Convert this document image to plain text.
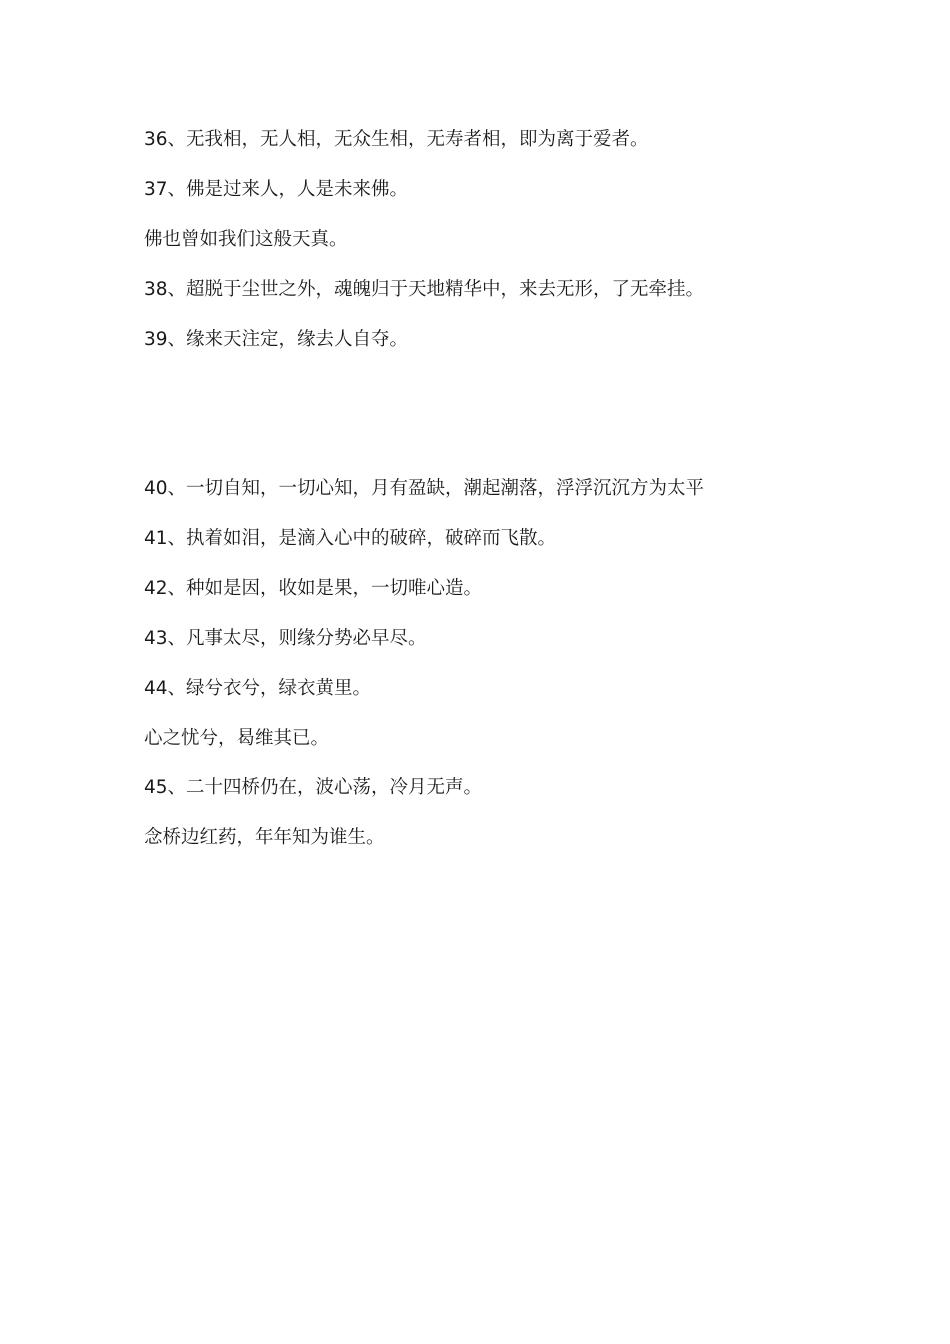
36、无我相，无人相，无众生相，无寿者相，即为离于爱者。
37、佛是过来人，人是未来佛。
佛也曾如我们这般天真。
38、超脱于尘世之外，魂魄归于天地精华中，来去无形，了无牵挂。
39、缘来天注定，缘去人自夺。
40、一切自知，一切心知，月有盈缺，潮起潮落，浮浮沉沉方为太平
41、执着如泪，是滴入心中的破碎，破碎而飞散。
42、种如是因，收如是果，一切唯心造。
43、凡事太尽，则缘分势必早尽。
44、绿兮衣兮，绿衣黄里。
心之忧兮，曷维其已。
45、二十四桥仍在，波心荡，冷月无声。
念桥边红药，年年知为谁生。
